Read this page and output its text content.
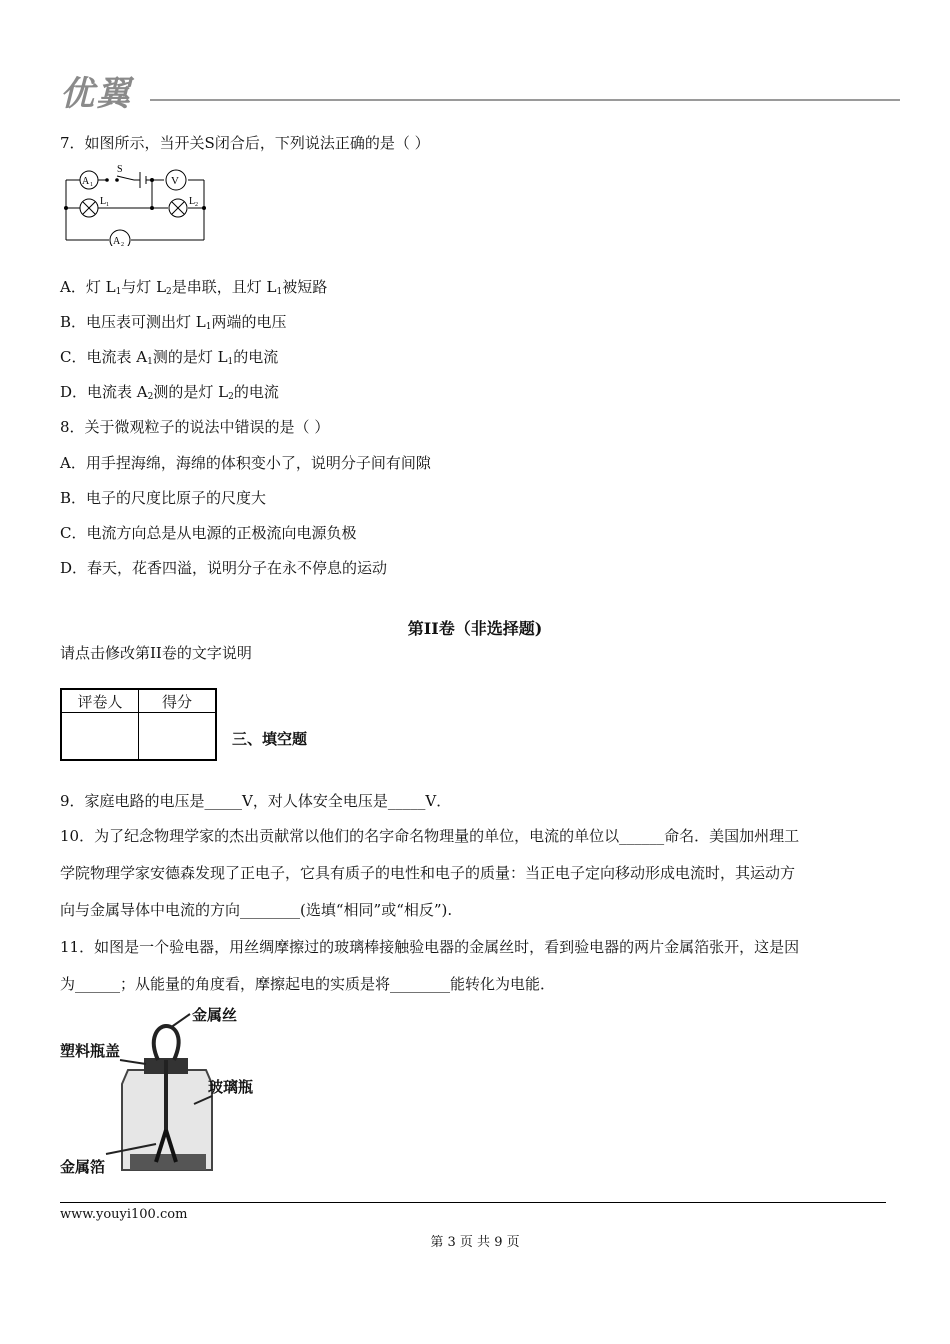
优翼
7．如图所示，当开关S闭合后，下列说法正确的是（ ）
A 1
S
V
L 1	L 2
A 2
A．灯 $L_1$与灯 $L_2$是串联，且灯 $L_1$被短路
B．电压表可测出灯 $L_1$两端的电压
C．电流表 $A_1$测的是灯 $L_1$的电流
D．电流表 $A_2$测的是灯 $L_2$的电流
8．关于微观粒子的说法中错误的是（ ）
A．用手捏海绵，海绵的体积变小了，说明分子间有间隙
B．电子的尺度比原子的尺度大
C．电流方向总是从电源的正极流向电源负极
D．春天，花香四溢，说明分子在永不停息的运动
第II卷（非选择题)
请点击修改第II卷的文字说明
评卷人	得分

三、填空题
9．家庭电路的电压是_____V，对人体安全电压是_____V．
10．为了纪念物理学家的杰出贡献常以他们的名字命名物理量的单位，电流的单位以______命名．美国加州理工
学院物理学家安德森发现了正电子，它具有质子的电性和电子的质量：当正电子定向移动形成电流时，其运动方
向与金属导体中电流的方向________(选填“相同”或“相反”).
11．如图是一个验电器，用丝绸摩擦过的玻璃棒接触验电器的金属丝时，看到验电器的两片金属箔张开，这是因
为______；从能量的角度看，摩擦起电的实质是将________能转化为电能．
金属丝
塑料瓶盖
玻璃瓶
金属箔
www.youyi100.com
第 3 页 共 9 页
